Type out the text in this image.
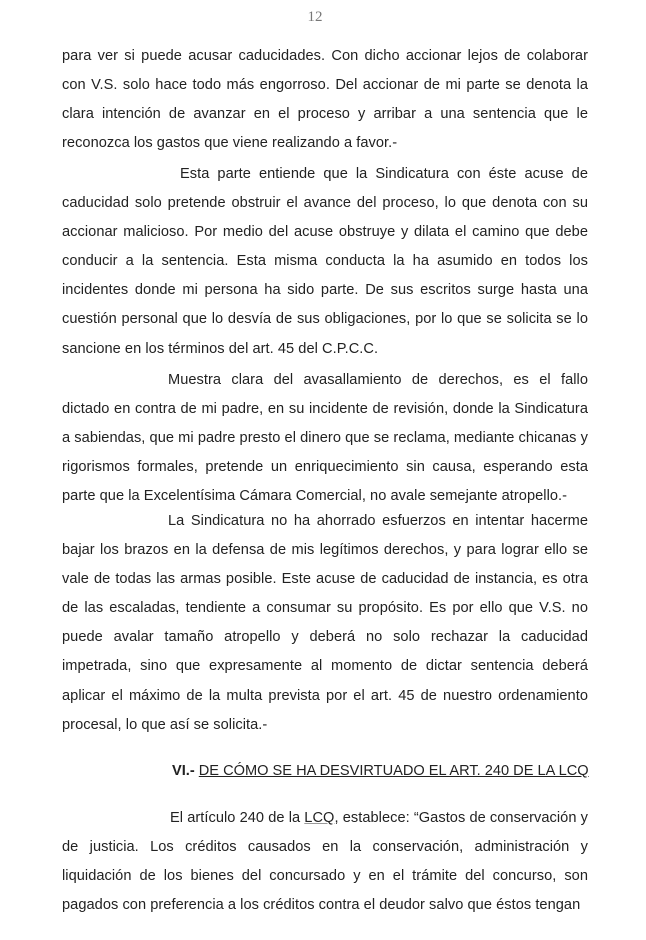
12

para ver si puede acusar caducidades. Con dicho accionar lejos de colaborar con V.S. solo hace todo más engorroso. Del accionar de mi parte se denota la clara intención de avanzar en el proceso y arribar a una sentencia que le reconozca los gastos que viene realizando a favor.-

Esta parte entiende que la Sindicatura con éste acuse de caducidad solo pretende obstruir el avance del proceso, lo que denota con su accionar malicioso. Por medio del acuse obstruye y dilata el camino que debe conducir a la sentencia. Esta misma conducta la ha asumido en todos los incidentes donde mi persona ha sido parte. De sus escritos surge hasta una cuestión personal que lo desvía de sus obligaciones, por lo que se solicita se lo sancione en los términos del art. 45 del C.P.C.C.

Muestra clara del avasallamiento de derechos, es el fallo dictado en contra de mi padre, en su incidente de revisión, donde la Sindicatura a sabiendas, que mi padre presto el dinero que se reclama, mediante chicanas y rigorismos formales, pretende un enriquecimiento sin causa, esperando esta parte que la Excelentísima Cámara Comercial, no avale semejante atropello.-

La Sindicatura no ha ahorrado esfuerzos en intentar hacerme bajar los brazos en la defensa de mis legítimos derechos, y para lograr ello se vale de todas las armas posible. Este acuse de caducidad de instancia, es otra de las escaladas, tendiente a consumar su propósito. Es por ello que V.S. no puede avalar tamaño atropello y deberá no solo rechazar la caducidad impetrada, sino que expresamente al momento de dictar sentencia deberá aplicar el máximo de la multa prevista por el art. 45 de nuestro ordenamiento procesal, lo que así se solicita.-

VI.- DE CÓMO SE HA DESVIRTUADO EL ART. 240 DE LA LCQ

El artículo 240 de la LCQ, establece: “Gastos de conservación y de justicia. Los créditos causados en la conservación, administración y liquidación de los bienes del concursado y en el trámite del concurso, son pagados con preferencia a los créditos contra el deudor salvo que éstos tengan
